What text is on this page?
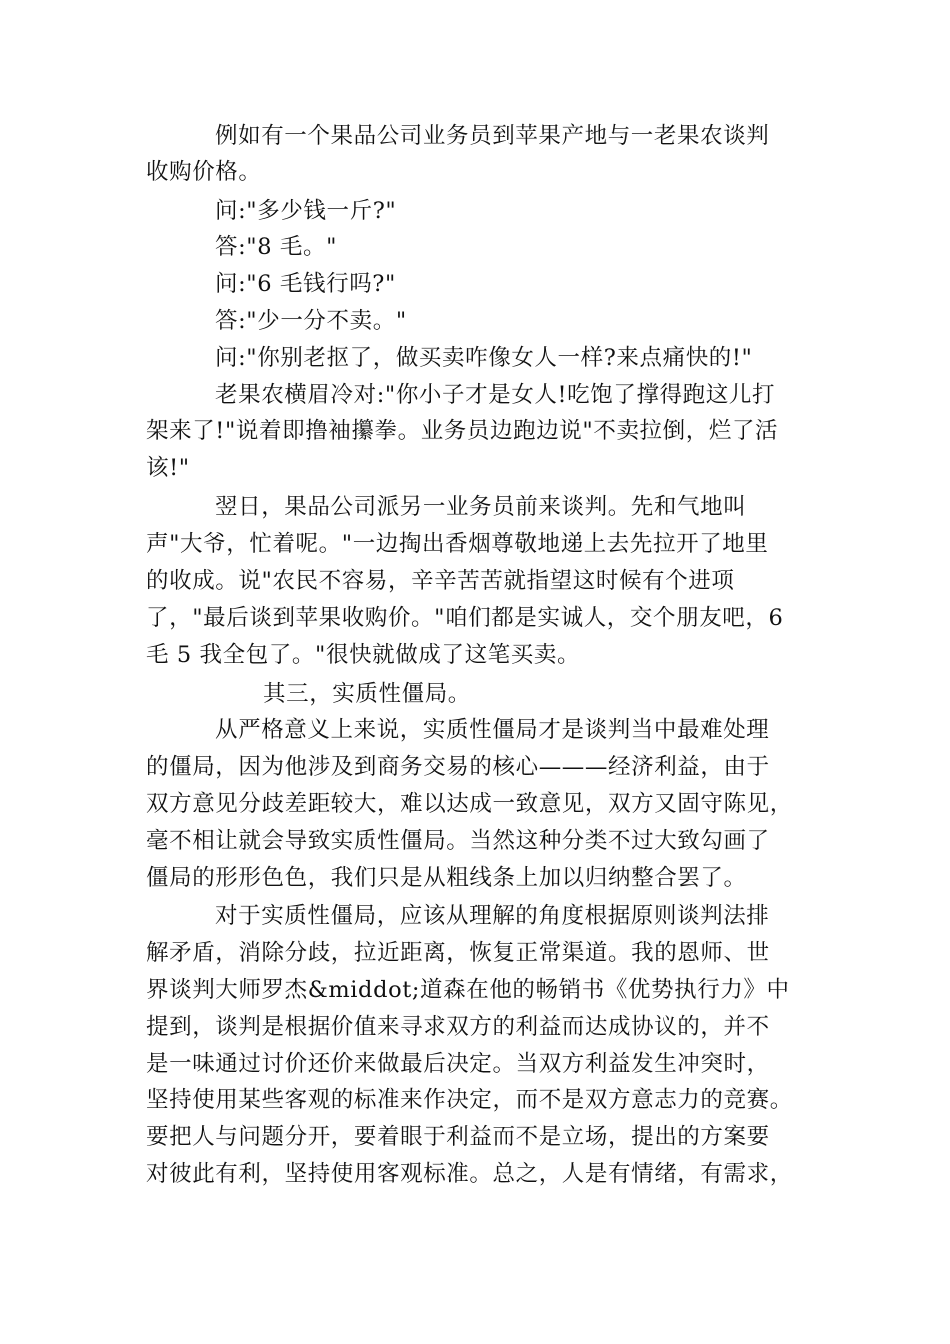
例如有一个果品公司业务员到苹果产地与一老果农谈判
收购价格。
问:"多少钱一斤?"
答:"8 毛。"
问:"6 毛钱行吗?"
答:"少一分不卖。"
问:"你别老抠了，做买卖咋像女人一样?来点痛快的!"
老果农横眉冷对:"你小子才是女人!吃饱了撑得跑这儿打
架来了!"说着即撸袖攥拳。业务员边跑边说"不卖拉倒，烂了活
该!"
翌日，果品公司派另一业务员前来谈判。先和气地叫
声"大爷，忙着呢。"一边掏出香烟尊敬地递上去先拉开了地里
的收成。说"农民不容易，辛辛苦苦就指望这时候有个进项
了，"最后谈到苹果收购价。"咱们都是实诚人，交个朋友吧，6
毛 5 我全包了。"很快就做成了这笔买卖。
其三，实质性僵局。
从严格意义上来说，实质性僵局才是谈判当中最难处理
的僵局，因为他涉及到商务交易的核心———经济利益，由于
双方意见分歧差距较大，难以达成一致意见，双方又固守陈见，
毫不相让就会导致实质性僵局。当然这种分类不过大致勾画了
僵局的形形色色，我们只是从粗线条上加以归纳整合罢了。
对于实质性僵局，应该从理解的角度根据原则谈判法排
解矛盾，消除分歧，拉近距离，恢复正常渠道。我的恩师、世
界谈判大师罗杰&middot;道森在他的畅销书《优势执行力》中
提到，谈判是根据价值来寻求双方的利益而达成协议的，并不
是一味通过讨价还价来做最后决定。当双方利益发生冲突时，
坚持使用某些客观的标准来作决定，而不是双方意志力的竞赛。
要把人与问题分开，要着眼于利益而不是立场，提出的方案要
对彼此有利，坚持使用客观标准。总之，人是有情绪，有需求，
